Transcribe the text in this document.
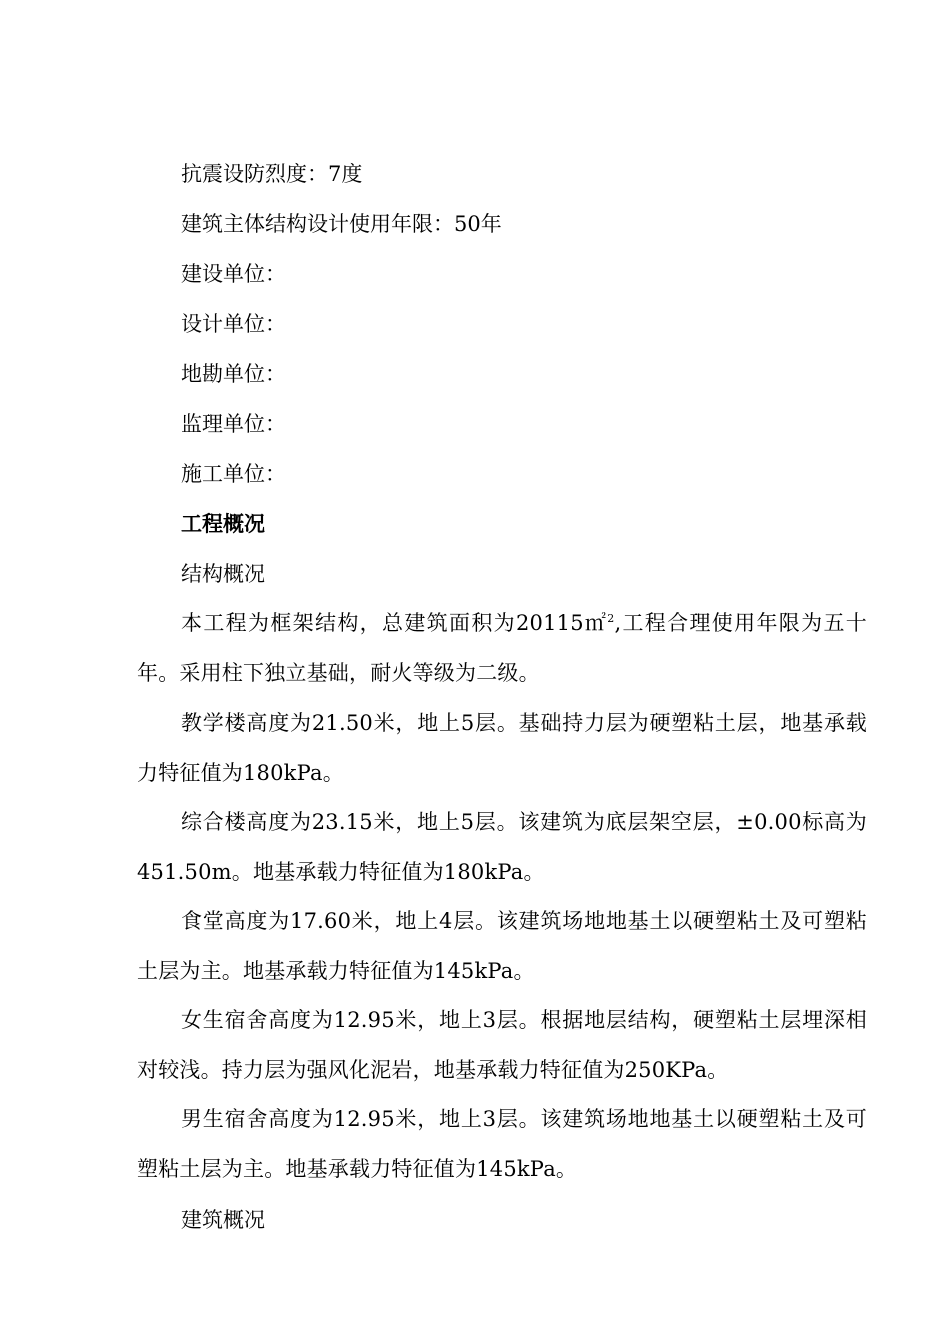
抗震设防烈度：7度
建筑主体结构设计使用年限：50年
建设单位：
设计单位：
地勘单位：
监理单位：
施工单位：
工程概况
结构概况
本工程为框架结构，总建筑面积为20115㎡$^2$,工程合理使用年限为五十年。采用柱下独立基础，耐火等级为二级。
教学楼高度为21.50米，地上5层。基础持力层为硬塑粘土层，地基承载力特征值为180kPa。
综合楼高度为23.15米，地上5层。该建筑为底层架空层，±0.00标高为451.50m。地基承载力特征值为180kPa。
食堂高度为17.60米，地上4层。该建筑场地地基土以硬塑粘土及可塑粘土层为主。地基承载力特征值为145kPa。
女生宿舍高度为12.95米，地上3层。根据地层结构，硬塑粘土层埋深相对较浅。持力层为强风化泥岩，地基承载力特征值为250KPa。
男生宿舍高度为12.95米，地上3层。该建筑场地地基土以硬塑粘土及可塑粘土层为主。地基承载力特征值为145kPa。
建筑概况
